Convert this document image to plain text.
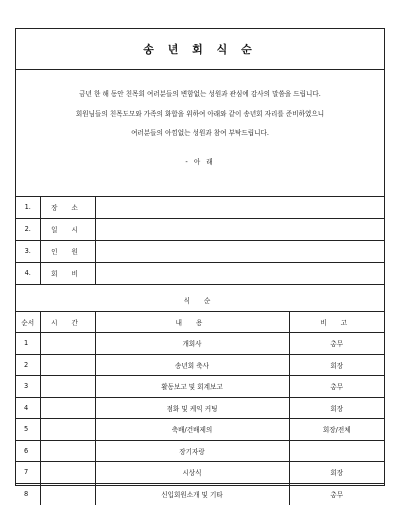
송 년 회 식 순
금년 한 해 동안 친목회 여러분들의 변함없는 성원과 관심에 감사의 말씀을 드립니다.
회원님들의 친목도모와 가족의 화합을 위하여 아래와 같이 송년회 자리를 준비하였으니
여러분들의 아낌없는 성원과 참여 부탁드립니다.
- 아 래
1.	장 소	
2.	일 시	
3.	인 원	
4.	회 비	
식 순
순서	시 간	내 용	비 고
1		개회사	총무
2		송년회 축사	회장
3		활동보고 및 회계보고	총무
4		점화 및 케익 커팅	회장
5		축배/건배제의	회장/전체
6		장기자랑	
7		시상식	회장
8		신입회원소개 및 기타	총무
